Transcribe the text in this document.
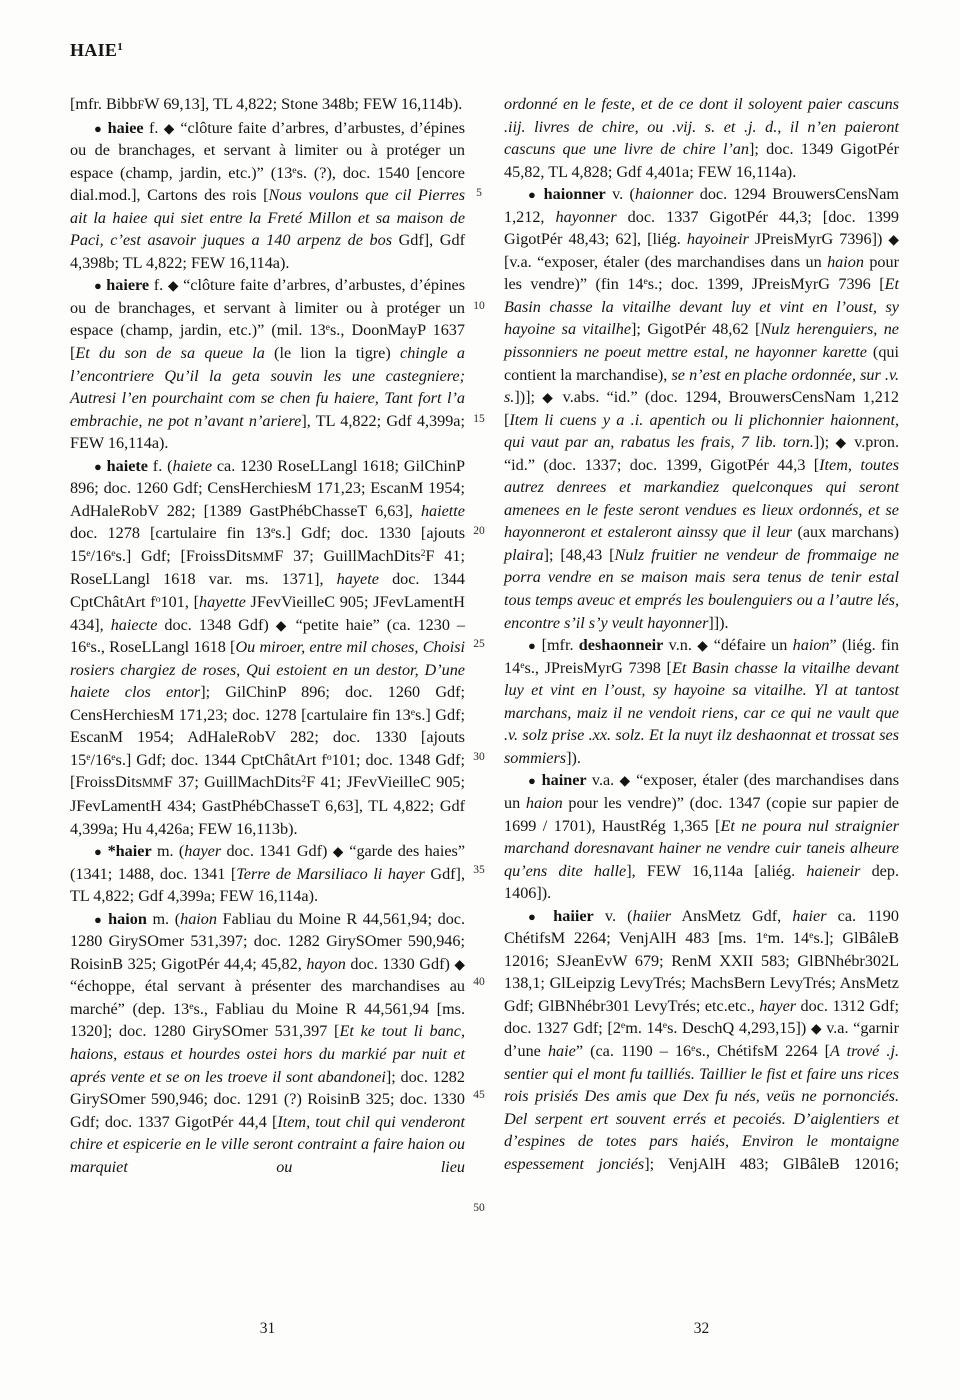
HAIE$^1$

[mfr. BibbFW 69,13], TL 4,822; Stone 348b; FEW 16,114b).

● haiee f. ◆ “clôture faite d’arbres, d’arbustes, d’épines ou de branchages, et servant à limiter ou à protéger un espace (champ, jardin, etc.)” (13es. (?), doc. 1540 [encore dial.mod.], Cartons des rois [Nous voulons que cil Pierres ait la haiee qui siet entre la Freté Millon et sa maison de Paci, c’est asavoir juques a 140 arpenz de bos Gdf], Gdf 4,398b; TL 4,822; FEW 16,114a).

● haiere f. ◆ “clôture faite d’arbres, d’arbustes, d’épines ou de branchages, et servant à limiter ou à protéger un espace (champ, jardin, etc.)” (mil. 13es., DoonMayP 1637 [Et du son de sa queue la (le lion la tigre) chingle a l’encontriere Qu’il la geta souvin les une castegniere; Autresi l’en pourchaint com se chen fu haiere, Tant fort l’a embrachie, ne pot n’avant n’ariere], TL 4,822; Gdf 4,399a; FEW 16,114a).

● haiete f. (haiete ca. 1230 RoseLLangl 1618; GilChinP 896; doc. 1260 Gdf; CensHerchiesM 171,23; EscanM 1954; AdHaleRobV 282; [1389 GastPhébChasseT 6,63], haiette doc. 1278 [cartulaire fin 13es.] Gdf; doc. 1330 [ajouts 15e/16es.] Gdf; [FroissDitsMMF 37; GuillMachDits$^2$F 41; RoseLLangl 1618 var. ms. 1371], hayete doc. 1344 CptChâtArt $f^o101$, [hayette JFevVieilleC 905; JFevLamentH 434], haiecte doc. 1348 Gdf) ◆ “petite haie” (ca. 1230 – 16es., RoseLLangl 1618 [Ou miroer, entre mil choses, Choisi rosiers chargiez de roses, Qui estoient en un destor, D’une haiete clos entor]; GilChinP 896; doc. 1260 Gdf; CensHerchiesM 171,23; doc. 1278 [cartulaire fin 13es.] Gdf; EscanM 1954; AdHaleRobV 282; doc. 1330 [ajouts 15e/16es.] Gdf; doc. 1344 CptChâtArt $f^o101$; doc. 1348 Gdf; [FroissDitsMMF 37; GuillMachDits$^2$F 41; JFevVieilleC 905; JFevLamentH 434; GastPhébChasseT 6,63], TL 4,822; Gdf 4,399a; Hu 4,426a; FEW 16,113b).

● *haier m. (hayer doc. 1341 Gdf) ◆ “garde des haies” (1341; 1488, doc. 1341 [Terre de Marsiliaco li hayer Gdf], TL 4,822; Gdf 4,399a; FEW 16,114a).

● haion m. (haion Fabliau du Moine R 44,561,94; doc. 1280 GirySOmer 531,397; doc. 1282 GirySOmer 590,946; RoisinB 325; GigotPér 44,4; 45,82, hayon doc. 1330 Gdf) ◆ “échoppe, étal servant à présenter des marchandises au marché” (dep. 13es., Fabliau du Moine R 44,561,94 [ms. 1320]; doc. 1280 GirySOmer 531,397 [Et ke tout li banc, haions, estaus et hourdes ostei hors du markié par nuit et aprés vente et se on les troeve il sont abandonei]; doc. 1282 GirySOmer 590,946; doc. 1291 (?) RoisinB 325; doc. 1330 Gdf; doc. 1337 GigotPér 44,4 [Item, tout chil qui venderont chire et espicerie en le ville seront contraint a faire haion ou marquiet ou lieu

5
10
15
20
25
30
35
40
45
50

ordonné en le feste, et de ce dont il soloyent paier cascuns .iij. livres de chire, ou .vij. s. et .j. d., il n’en paieront cascuns que une livre de chire l’an]; doc. 1349 GigotPér 45,82, TL 4,828; Gdf 4,401a; FEW 16,114a).

● haionner v. (haionner doc. 1294 BrouwersCensNam 1,212, hayonner doc. 1337 GigotPér 44,3; [doc. 1399 GigotPér 48,43; 62], [liég. hayoineir JPreisMyrG 7396]) ◆ [v.a. “exposer, étaler (des marchandises dans un haion pour les vendre)” (fin 14es.; doc. 1399, JPreisMyrG 7396 [Et Basin chasse la vitailhe devant luy et vint en l’oust, sy hayoine sa vitailhe]; GigotPér 48,62 [Nulz herenguiers, ne pissonniers ne poeut mettre estal, ne hayonner karette (qui contient la marchandise), se n’est en plache ordonnée, sur .v. s.])]; ◆ v.abs. “id.” (doc. 1294, BrouwersCensNam 1,212 [Item li cuens y a .i. apentich ou li plichonnier haionnent, qui vaut par an, rabatus les frais, 7 lib. torn.]); ◆ v.pron. “id.” (doc. 1337; doc. 1399, GigotPér 44,3 [Item, toutes autrez denrees et markandiez quelconques qui seront amenees en le feste seront vendues es lieux ordonnés, et se hayonneront et estaleront ainssy que il leur (aux marchans) plaira]; [48,43 [Nulz fruitier ne vendeur de frommaige ne porra vendre en se maison mais sera tenus de tenir estal tous temps aveuc et emprés les boulenguiers ou a l’autre lés, encontre s’il s’y veult hayonner]]).

● [mfr. deshaonneir v.n. ◆ “défaire un haion” (liég. fin 14es., JPreisMyrG 7398 [Et Basin chasse la vitailhe devant luy et vint en l’oust, sy hayoine sa vitailhe. Yl at tantost marchans, maiz il ne vendoit riens, car ce qui ne vault que .v. solz prise .xx. solz. Et la nuyt ilz deshaonnat et trossat ses sommiers]).

● hainer v.a. ◆ “exposer, étaler (des marchandises dans un haion pour les vendre)” (doc. 1347 (copie sur papier de 1699 / 1701), HaustRég 1,365 [Et ne poura nul straignier marchand doresnavant hainer ne vendre cuir taneis alheure qu’ens dite halle], FEW 16,114a [aliég. haieneir dep. 1406]).

● haiier v. (haiier AnsMetz Gdf, haier ca. 1190 ChétifsM 2264; VenjAlH 483 [ms. 1em. 14es.]; GlBâleB 12016; SJeanEvW 679; RenM XXII 583; GlBNhébr302L 138,1; GlLeipzig LevyTrés; MachsBern LevyTrés; AnsMetz Gdf; GlBNhébr301 LevyTrés; etc.etc., hayer doc. 1312 Gdf; doc. 1327 Gdf; [2em. 14es. DeschQ 4,293,15]) ◆ v.a. “garnir d’une haie” (ca. 1190 – 16es., ChétifsM 2264 [A trové .j. sentier qui el mont fu tailliés. Taillier le fist et faire uns rices rois prisiés Des amis que Dex fu nés, veüs ne pornonciés. Del serpent ert souvent errés et pecoiés. D’aiglentiers et d’espines de totes pars haiés, Environ le montaigne espessement jonciés]; VenjAlH 483; GlBâleB 12016;

31	32
